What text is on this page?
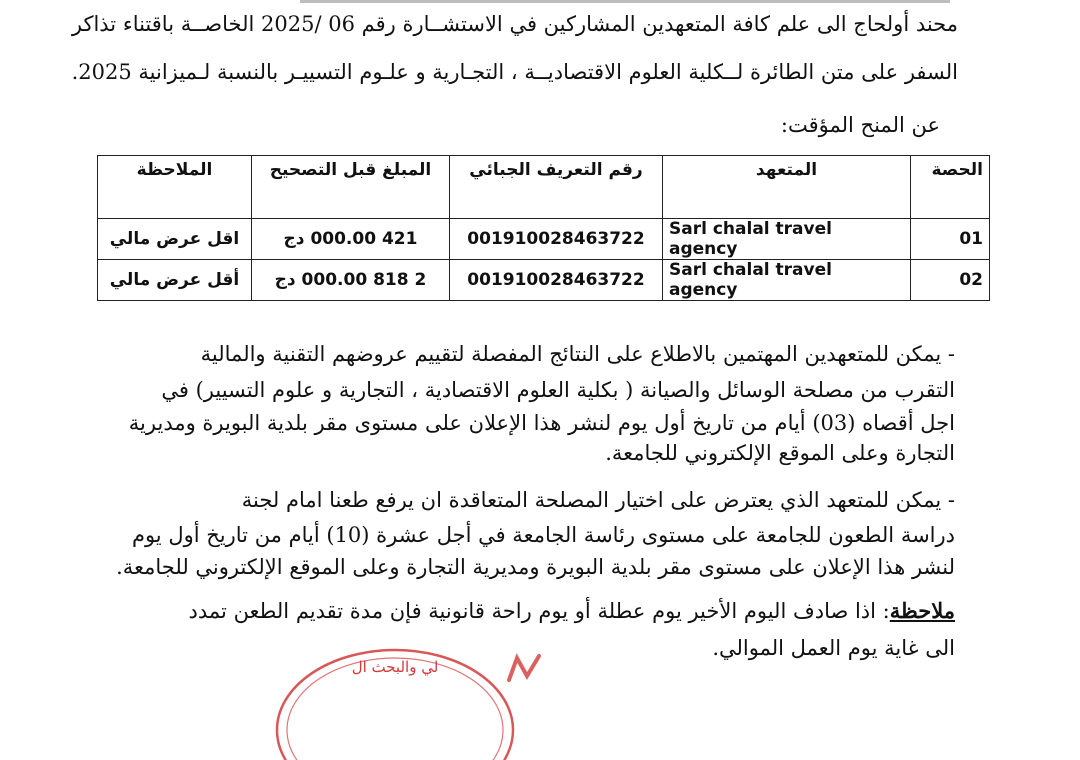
محند أولحاج الى علم كافة المتعهدين المشاركين في الاستشــارة رقم 06 /2025 الخاصــة باقتناء تذاكر
السفر على متن الطائرة لــكلية العلوم الاقتصاديــة ، التجـارية و علـوم التسييـر بالنسبة لـميزانية 2025.
عن المنح المؤقت:
الحصة	المتعهد	رقم التعريف الجبائي	المبلغ قبل التصحيح	الملاحظة
01	Sarl chalal travel agency	001910028463722	421 000.00 دج	اقل عرض مالي
02	Sarl chalal travel agency	001910028463722	2 818 000.00 دج	أقل عرض مالي
- يمكن للمتعهدين المهتمين بالاطلاع على النتائج المفصلة لتقييم عروضهم التقنية والمالية
التقرب من مصلحة الوسائل والصيانة ( بكلية العلوم الاقتصادية ، التجارية و علوم التسيير) في
اجل أقصاه (03) أيام من تاريخ أول يوم لنشر هذا الإعلان على مستوى مقر بلدية البويرة ومديرية
التجارة وعلى الموقع الإلكتروني للجامعة.
- يمكن للمتعهد الذي يعترض على اختيار المصلحة المتعاقدة ان يرفع طعنا امام لجنة
دراسة الطعون للجامعة على مستوى رئاسة الجامعة في أجل عشرة (10) أيام من تاريخ أول يوم
لنشر هذا الإعلان على مستوى مقر بلدية البويرة ومديرية التجارة وعلى الموقع الإلكتروني للجامعة.
ملاحظة: اذا صادف اليوم الأخير يوم عطلة أو يوم راحة قانونية فإن مدة تقديم الطعن تمدد
الى غاية يوم العمل الموالي.
لي والبحث ال
